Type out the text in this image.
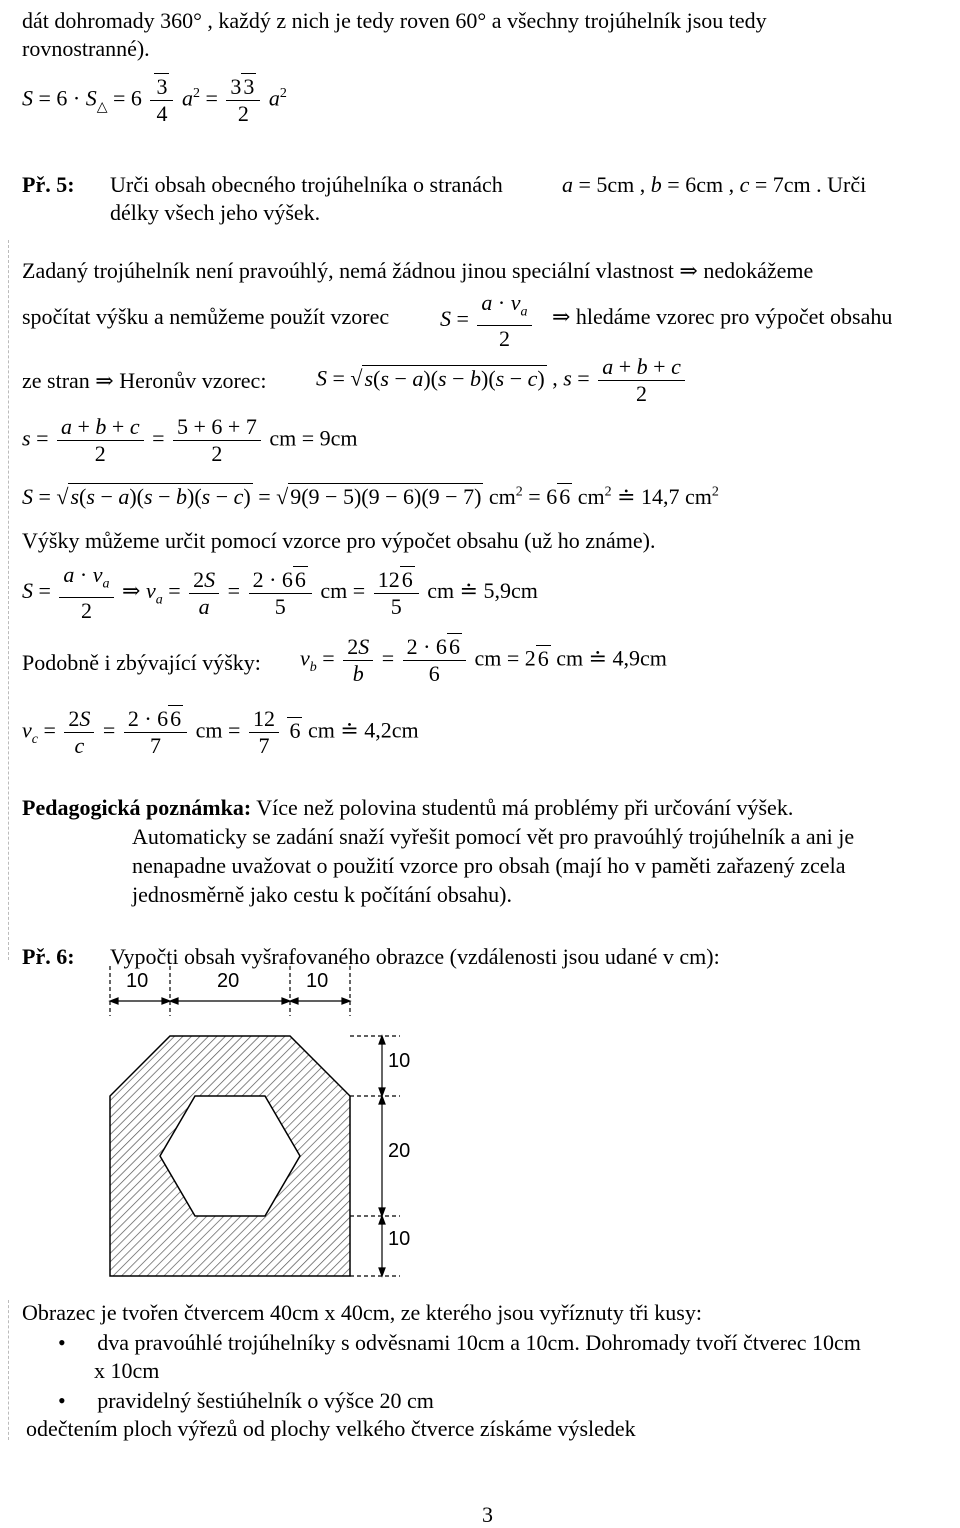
dát dohromady 360° , každý z nich je tedy roven 60° a všechny trojúhelník jsou tedy
rovnostranné).
$S = 6 \cdot S_\triangle = 6 \frac{3}{4} a^2 = \frac{33}{2} a^2$
Př. 5: Urči obsah obecného trojúhelníka o stranách	a = 5cm , b = 6cm , c = 7cm . Urči
délky všech jeho výšek.
Zadaný trojúhelník není pravoúhlý, nemá žádnou jinou speciální vlastnost ⇒ nedokážeme
spočítat výšku a nemůžeme použít vzorec $S = \frac{a \cdot v_a}{2}$ ⇒ hledáme vzorec pro výpočet obsahu
ze stran ⇒ Heronův vzorec: S = √s(s − a)(s − b)(s − c) , $s = \frac{a + b + c}{2}$
$s = \frac{a + b + c}{2} = \frac{5 + 6 + 7}{2}$ cm = 9cm
S = √s(s − a)(s − b)(s − c) = √9(9 − 5)(9 − 6)(9 − 7) $cm^2 = 66$ $cm^2$ ≐ 14,7 $cm^2$
Výšky můžeme určit pomocí vzorce pro výpočet obsahu (už ho známe).
$S = \frac{a \cdot v_a}{2}$ ⇒ $v_a = \frac{2S}{a} = \frac{2 \cdot 66}{5}$ cm = $\frac{126}{5}$ cm ≐ 5,9cm
Podobně i zbývající výšky: $v_b = \frac{2S}{b} = \frac{2 \cdot 66}{6}$ cm = 26 cm ≐ 4,9cm
$v_c = \frac{2S}{c} = \frac{2 \cdot 66}{7}$ cm = $\frac{12}{7} 6$ cm ≐ 4,2cm
Pedagogická poznámka: Více než polovina studentů má problémy při určování výšek.
Automaticky se zadání snaží vyřešit pomocí vět pro pravoúhlý trojúhelník a ani je
nenapadne uvažovat o použití vzorce pro obsah (mají ho v paměti zařazený zcela
jednosměrně jako cestu k počítání obsahu).
Př. 6: Vypočti obsah vyšrafovaného obrazce (vzdálenosti jsou udané v cm):
10	20	10
10
20
10
Obrazec je tvořen čtvercem 40cm x 40cm, ze kterého jsou vyříznuty tři kusy:
• dva pravoúhlé trojúhelníky s odvěsnami 10cm a 10cm. Dohromady tvoří čtverec 10cm
x 10cm
• pravidelný šestiúhelník o výšce 20 cm
odečtením ploch výřezů od plochy velkého čtverce získáme výsledek
3
